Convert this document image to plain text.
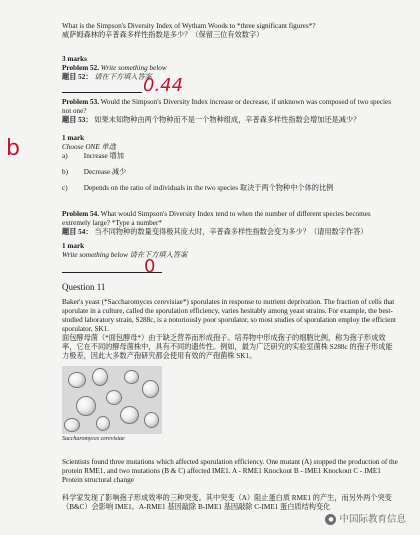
What is the Simpson's Diversity Index of Wytham Woods to *three significant figures*?
威萨姆森林的辛普森多样性指数是多少？（保留三位有效数字）
3 marks
Problem 52. Write something below
题目 52： 请在下方填入答案
0.44
Problem 53. Would the Simpson's Diversity Index increase or decrease, if unknown was composed of two species not one?
题目 53： 如果未知物种由两个物种而不是一个物种组成，辛普森多样性指数会增加还是减少？
b	1 mark
Choose ONE 单选
a) Increase 增加
b) Decrease 减少
c) Depends on the ratio of individuals in the two species 取决于两个物种中个体的比例
Problem 54. What would Simpson's Diversity Index tend to when the number of different species becomes extremely large? *Type a number*
题目 54： 当不同物种的数量变得极其庞大时，辛普森多样性指数会变为多少？（请用数字作答）
1 mark
Write something below 请在下方填入答案
0
Question 11
Baker's yeast (*Saccharomyces cerevisiae*) sporulates in response to nutrient deprivation. The fraction of cells that sporulate in a culture, called the sporulation efficiency, varies hesitably among yeast strains. For example, the best-studied laboratory strain, S288c, is a notoriously poor sporulator, so most studies of sporulation employ the efficient sporulator, SK1.
面包酵母菌（*面包酵母*）由于缺乏营养而形成孢子。培养物中形成孢子的细胞比例，称为孢子形成效率，它在不同的酵母菌株中，具有不同的遗传性。例如，最为广泛研究的实验室菌株 S288c 的孢子形成能力极差，因此大多数产孢研究都会使用有效的产孢菌株 SK1。
Saccharomyces cerevisiae
Scientists found three mutations which affected sporulation efficiency. One mutant (A) stopped the production of the protein RME1, and two mutations (B & C) affected IME1. A - RME1 Knockout B - IME1 Knockout C - IME1 Protein structural change
科学家发现了影响孢子形成效率的三种突变。其中突变（A）阻止蛋白质 RME1 的产生，而另外两个突变（B&C）会影响 IME1。A-RME1 基因敲除 B-IME1 基因敲除 C-IME1 蛋白质结构变化
● 中国际教育信息
